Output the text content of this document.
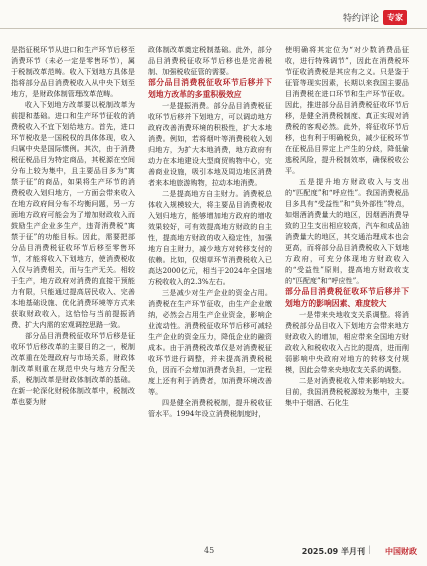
特约评论	专家

是指征税环节从进口和生产环节后移至消费环节（未必一定是零售环节），属于税制改革范畴。收入下划地方具体是指将部分品目消费税收入从中央下划至地方，是财政体制管理改革范畴。

收入下划地方改革要以税制改革为前提和基础。进口和生产环节征收的消费税收入不宜下划给地方。首先，进口环节税收是一国税权的具体体现，收入归属中央是国际惯例。其次，由于消费税征税品目为特定商品，其税源在空间分布上较为集中，且主要品目多为“寓禁于征”的商品，如果将生产环节的消费税收入划归地方，一方面会带来收入在地方政府间分布不均衡问题，另一方面地方政府可能会为了增加财政收入而鼓励生产企业多生产，违背消费税“寓禁于征”的功能目标。因此，需要把部分品目消费税征收环节后移至零售环节，才能将收入下划地方，使消费税收入仅与消费相关，而与生产无关。相较于生产，地方政府对消费的直接干预能力有限，只能通过提高居民收入、完善本地基础设施、优化消费环境等方式来获取财政收入，这恰恰与当前提振消费、扩大内需的宏观调控思路一致。

部分品目消费税征收环节后移是征收环节后移改革的主要目的之一，税制改革重在处理政府与市场关系，财政体制改革则重在规范中央与地方分配关系，税制改革是财政体制改革的基础。在新一轮深化财税体制改革中，税制改革也要为财

政体制改革奠定税制基础。此外，部分品目消费税征收环节后移也是完善税制、加强税收征管的需要。

部分品目消费税征收环节后移并下划地方改革的多重积极效应

一是提振消费。部分品目消费税征收环节后移并下划地方，可以调动地方政府改善消费环境的积极性，扩大本地消费。例如，若将烟叶等消费税收入划归地方，为扩大本地消费，地方政府有动力在本地建设大型商贸购物中心，完善商业设施，吸引本地及周边地区消费者来本地旅游购物，拉动本地消费。

二是提高地方自主财力。消费税总体收入规模较大，将主要品目消费税收入划归地方，能够增加地方政府的增收效果较好，可有效提高地方财政的自主性，提高地方财政的收入稳定性，加强地方自主财力，减少地方对转移支付的依赖。比如，仅烟草环节消费税收入已高达2000亿元，相当于2024年全国地方税收收入的2.3%左右。

三是减少对生产企业的资金占用。消费税在生产环节征收，由生产企业缴纳，必然会占用生产企业资金，影响企业流动性。消费税征收环节后移可减轻生产企业的资金压力，降低企业的融资成本。由于消费税改革仅是对消费税征收环节进行调整，并未提高消费税税负，因而不会增加消费者负担，一定程度上还有利于消费者，加消费环境改善等。

四是健全消费税税制，提升税收征管水平。1994年设立消费税制度时，

使明确将其定位为“对少数消费品征收，进行特殊调节”，因此在消费税环节征收消费税是其应有之义。只是鉴于征管等现实因素，长期以来我国主要品目消费税在进口环节和生产环节征收。因此，推进部分品目消费税征收环节后移，是健全消费税制度、真正实现对消费税的客观必然。此外，将征收环节后移，也有利于明确税负，减少征税环节在征税品目界定上产生的分歧，降低偷逃税风险，提升税制效率，确保税收公平。

五是提升地方财政收入与支出的“匹配度”和“呼应性”。我国消费税品目多具有“受益性”和“负外部性”特点，如烟酒消费量大的地区，因烟酒消费导致的卫生支出相应较高，汽车和成品油消费量大的地区，其交通治理成本也会更高，而将部分品目消费税收入下划地方政府，可充分体现地方财政收入的“受益性”原则，提高地方财政收支的“匹配度”和“呼应性”。

部分品目消费税征收环节后移并下划地方的影响因素、难度较大

一是带来央地收支关系调整。将消费税部分品目收入下划地方会带来地方财政收入的增加，相应带来全国地方财政收入和税收收入占比的提高，进而削弱影响中央政府对地方的转移支付规模，因此会带来央地收支关系的调整。

二是对消费税收入带来影响较大。目前，我国消费税税源较为集中，主要集中于烟酒、石化生

45	2025.09 半月刊 | 中国财政
